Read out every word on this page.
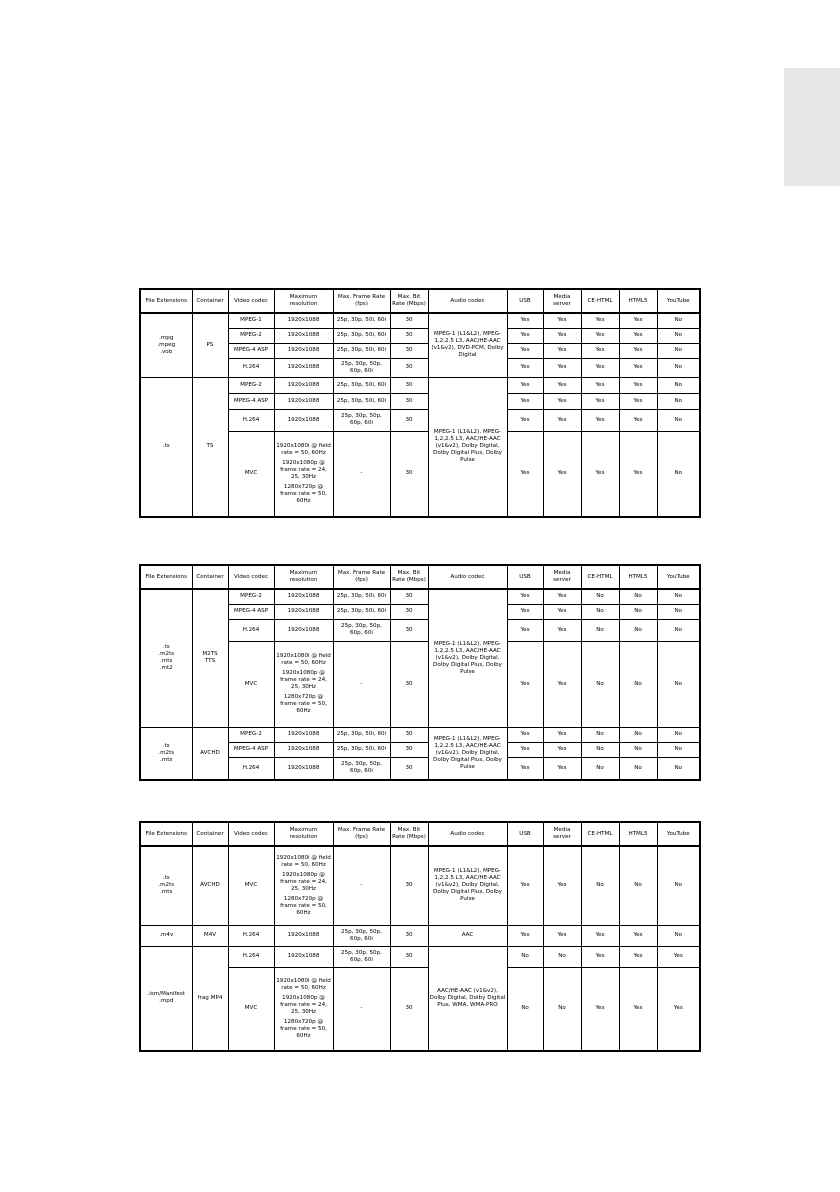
File Extensions	Container	Video codec	Maximum resolution	Max. Frame Rate (fps)	Max. Bit Rate (Mbps)	Audio codec	USB	Media server	CE-HTML	HTML5	YouTube
.mpg
.mpeg
.vob	PS	MPEG-1	1920x1088	25p, 30p, 50i, 60i	30	MPEG-1 (L1&L2), MPEG-1,2,2.5 L3, AAC/HE-AAC (v1&v2), DVD-PCM, Dolby Digital	Yes	Yes	Yes	Yes	No
		MPEG-2	1920x1088	25p, 30p, 50i, 60i	30		Yes	Yes	Yes	Yes	No
		MPEG-4 ASP	1920x1088	25p, 30p, 50i, 60i	30		Yes	Yes	Yes	Yes	No
		H.264	1920x1088	25p, 30p, 50p, 60p, 60i	30		Yes	Yes	Yes	Yes	No
.ts	TS	MPEG-2	1920x1088	25p, 30p, 50i, 60i	30	MPEG-1 (L1&L2), MPEG-1,2,2.5 L3, AAC/HE-AAC (v1&v2), Dolby Digital, Dolby Digital Plus, Dolby Pulse	Yes	Yes	Yes	Yes	No
		MPEG-4 ASP	1920x1088	25p, 30p, 50i, 60i	30		Yes	Yes	Yes	Yes	No
		H.264	1920x1088	25p, 30p, 50p, 60p, 60i	30		Yes	Yes	Yes	Yes	No
		MVC	1920x1080i @ field rate = 50, 60Hz
1920x1080p @ frame rate = 24, 25, 30Hz
1280x720p @ frame rate = 50, 60Hz	-	30		Yes	Yes	Yes	Yes	No
File Extensions	Container	Video codec	Maximum resolution	Max. Frame Rate (fps)	Max. Bit Rate (Mbps)	Audio codec	USB	Media server	CE-HTML	HTML5	YouTube
.ts
.m2ts
.mts
.mt2	M2TS
TTS	MPEG-2	1920x1088	25p, 30p, 50i, 60i	30	MPEG-1 (L1&L2), MPEG-1,2,2.5 L3, AAC/HE-AAC (v1&v2), Dolby Digital, Dolby Digital Plus, Dolby Pulse	Yes	Yes	No	No	No
		MPEG-4 ASP	1920x1088	25p, 30p, 50i, 60i	30		Yes	Yes	No	No	No
		H.264	1920x1088	25p, 30p, 50p, 60p, 60i	30		Yes	Yes	No	No	No
		MVC	1920x1080i @ field rate = 50, 60Hz
1920x1080p @ frame rate = 24, 25, 30Hz
1280x720p @ frame rate = 50, 60Hz	-	30		Yes	Yes	No	No	No
.ts
.m2ts
.mts	AVCHD	MPEG-2	1920x1088	25p, 30p, 50i, 60i	30	MPEG-1 (L1&L2), MPEG-1,2,2.5 L3, AAC/HE-AAC (v1&v2), Dolby Digital, Dolby Digital Plus, Dolby Pulse	Yes	Yes	No	No	No
		MPEG-4 ASP	1920x1088	25p, 30p, 50i, 60i	30		Yes	Yes	No	No	No
		H.264	1920x1088	25p, 30p, 50p, 60p, 60i	30		Yes	Yes	No	No	No
File Extensions	Container	Video codec	Maximum resolution	Max. Frame Rate (fps)	Max. Bit Rate (Mbps)	Audio codec	USB	Media server	CE-HTML	HTML5	YouTube
.ts
.m2ts
.mts	AVCHD	MVC	1920x1080i @ field rate = 50, 60Hz
1920x1080p @ frame rate = 24, 25, 30Hz
1280x720p @ frame rate = 50, 60Hz	-	30	MPEG-1 (L1&L2), MPEG-1,2,2.5 L3, AAC/HE-AAC (v1&v2), Dolby Digital, Dolby Digital Plus, Dolby Pulse	Yes	Yes	No	No	No
.m4v	M4V	H.264	1920x1088	25p, 30p, 50p, 60p, 60i	30	AAC	Yes	Yes	Yes	Yes	No
.ism/Manifest
.mpd	frag MP4	H.264	1920x1088	25p, 30p, 50p, 60p, 60i	30	AAC/HE-AAC (v1&v2), Dolby Digital, Dolby Digital Plus, WMA, WMA-PRO	No	No	Yes	Yes	Yes
		MVC	1920x1080i @ field rate = 50, 60Hz
1920x1080p @ frame rate = 24, 25, 30Hz
1280x720p @ frame rate = 50, 60Hz	-	30		No	No	Yes	Yes	Yes
